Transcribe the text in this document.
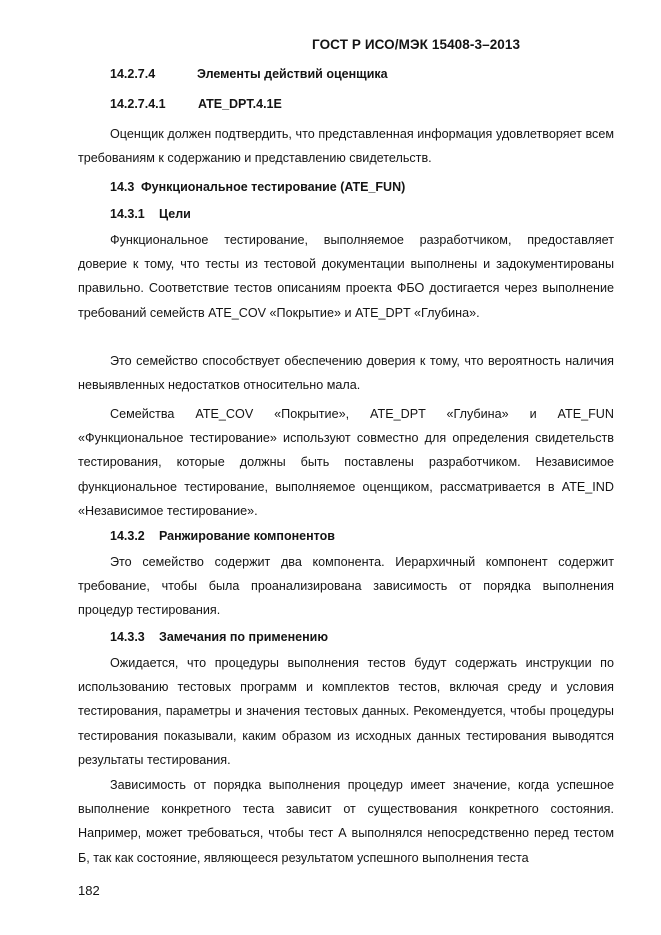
ГОСТ Р ИСО/МЭК 15408-3–2013
14.2.7.4	Элементы действий оценщика
14.2.7.4.1	ATE_DPT.4.1E

Оценщик должен подтвердить, что представленная информация удовлетворяет всем требованиям к содержанию и представлению свидетельств.

14.3 Функциональное тестирование (ATE_FUN)
14.3.1 Цели

Функциональное тестирование, выполняемое разработчиком, предоставляет доверие к тому, что тесты из тестовой документации выполнены и задокументированы правильно. Соответствие тестов описаниям проекта ФБО достигается через выполнение требований семейств ATE_COV «Покрытие» и ATE_DPT «Глубина».

Это семейство способствует обеспечению доверия к тому, что вероятность наличия невыявленных недостатков относительно мала.

Семейства ATE_COV «Покрытие», ATE_DPT «Глубина» и ATE_FUN «Функциональное тестирование» используют совместно для определения свидетельств тестирования, которые должны быть поставлены разработчиком. Независимое функциональное тестирование, выполняемое оценщиком, рассматривается в ATE_IND «Независимое тестирование».

14.3.2 Ранжирование компонентов

Это семейство содержит два компонента. Иерархичный компонент содержит требование, чтобы была проанализирована зависимость от порядка выполнения процедур тестирования.

14.3.3 Замечания по применению

Ожидается, что процедуры выполнения тестов будут содержать инструкции по использованию тестовых программ и комплектов тестов, включая среду и условия тестирования, параметры и значения тестовых данных. Рекомендуется, чтобы процедуры тестирования показывали, каким образом из исходных данных тестирования выводятся результаты тестирования.

Зависимость от порядка выполнения процедур имеет значение, когда успешное выполнение конкретного теста зависит от существования конкретного состояния. Например, может требоваться, чтобы тест А выполнялся непосредственно перед тестом Б, так как состояние, являющееся результатом успешного выполнения теста

182
